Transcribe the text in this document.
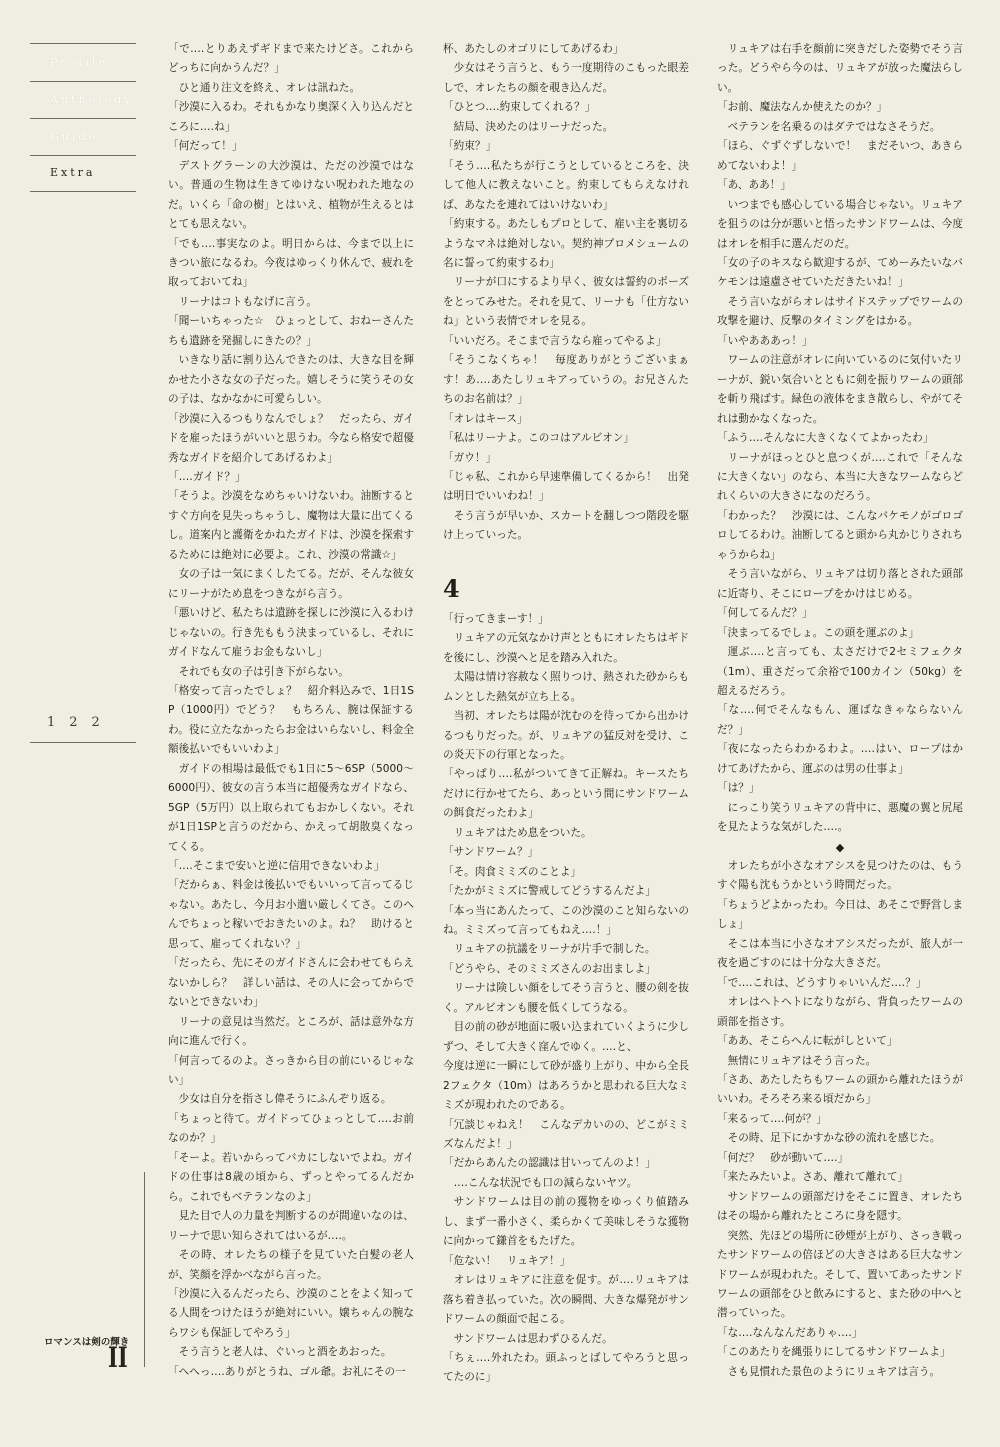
Profile
Anthology
Guide
Extra
122
ロマンスは剣の輝き
II

「で‥‥とりあえずギドまで来たけどさ。これからどっちに向かうんだ？」

ひと通り注文を終え、オレは訊ねた。

「沙漠に入るわ。それもかなり奥深く入り込んだところに‥‥ね」

「何だって！」

デストグラーンの大沙漠は、ただの沙漠ではない。普通の生物は生きてゆけない呪われた地なのだ。いくら「命の樹」とはいえ、植物が生えるとはとても思えない。

「でも‥‥事実なのよ。明日からは、今まで以上にきつい旅になるわ。今夜はゆっくり休んで、疲れを取っておいてね」

リーナはコトもなげに言う。

「聞ーいちゃった☆　ひょっとして、おねーさんたちも遺跡を発掘しにきたの？」

いきなり話に割り込んできたのは、大きな目を輝かせた小さな女の子だった。嬉しそうに笑うその女の子は、なかなかに可愛らしい。

「沙漠に入るつもりなんでしょ？　だったら、ガイドを雇ったほうがいいと思うわ。今なら格安で超優秀なガイドを紹介してあげるわよ」

「‥‥ガイド？」

「そうよ。沙漠をなめちゃいけないわ。油断するとすぐ方向を見失っちゃうし、魔物は大量に出てくるし。道案内と護衛をかねたガイドは、沙漠を探索するためには絶対に必要よ。これ、沙漠の常識☆」

女の子は一気にまくしたてる。だが、そんな彼女にリーナがため息をつきながら言う。

「悪いけど、私たちは遺跡を探しに沙漠に入るわけじゃないの。行き先ももう決まっているし、それにガイドなんて雇うお金もないし」

それでも女の子は引き下がらない。

「格安って言ったでしょ？　紹介料込みで、1日1SP（1000円）でどう？　もちろん、腕は保証するわ。役に立たなかったらお金はいらないし、料金全額後払いでもいいわよ」

ガイドの相場は最低でも1日に5〜6SP（5000〜6000円）、彼女の言う本当に超優秀なガイドなら、5GP（5万円）以上取られてもおかしくない。それが1日1SPと言うのだから、かえって胡散臭くなってくる。

「‥‥そこまで安いと逆に信用できないわよ」

「だからぁ、料金は後払いでもいいって言ってるじゃない。あたし、今月お小遣い厳しくてさ。このへんでちょっと稼いでおきたいのよ。ね？　助けると思って、雇ってくれない？」

「だったら、先にそのガイドさんに会わせてもらえないかしら？　詳しい話は、その人に会ってからでないとできないわ」

リーナの意見は当然だ。ところが、話は意外な方向に進んで行く。

「何言ってるのよ。さっきから目の前にいるじゃない」

少女は自分を指さし偉そうにふんぞり返る。

「ちょっと待て。ガイドってひょっとして‥‥お前なのか？」

「そーよ。若いからってバカにしないでよね。ガイドの仕事は8歳の頃から、ずっとやってるんだから。これでもベテランなのよ」

見た目で人の力量を判断するのが間違いなのは、リーナで思い知らされてはいるが‥‥。

その時、オレたちの様子を見ていた白髪の老人が、笑顔を浮かべながら言った。

「沙漠に入るんだったら、沙漠のことをよく知ってる人間をつけたほうが絶対にいい。嬢ちゃんの腕ならワシも保証してやろう」

そう言うと老人は、ぐいっと酒をあおった。

「へへっ‥‥ありがとうね、ゴル爺。お礼にその一

杯、あたしのオゴリにしてあげるわ」

少女はそう言うと、もう一度期待のこもった眼差しで、オレたちの顔を覗き込んだ。

「ひとつ‥‥約束してくれる？」

結局、決めたのはリーナだった。

「約束？」

「そう‥‥私たちが行こうとしているところを、決して他人に教えないこと。約束してもらえなければ、あなたを連れてはいけないわ」

「約束する。あたしもプロとして、雇い主を裏切るようなマネは絶対しない。契約神プロメシュームの名に誓って約束するわ」

リーナが口にするより早く、彼女は誓約のポーズをとってみせた。それを見て、リーナも「仕方ないね」という表情でオレを見る。

「いいだろ。そこまで言うなら雇ってやるよ」

「そうこなくちゃ！　毎度ありがとうございまぁす！あ‥‥あたしリュキアっていうの。お兄さんたちのお名前は？」

「オレはキース」

「私はリーナよ。このコはアルビオン」

「ガウ！」

「じゃ私、これから早速準備してくるから！　出発は明日でいいわね！」

そう言うが早いか、スカートを翻しつつ階段を駆け上っていった。

4

「行ってきまーす！」

リュキアの元気なかけ声とともにオレたちはギドを後にし、沙漠へと足を踏み入れた。

太陽は情け容赦なく照りつけ、熱された砂からもムンとした熱気が立ち上る。

当初、オレたちは陽が沈むのを待ってから出かけるつもりだった。が、リュキアの猛反対を受け、この炎天下の行軍となった。

「やっぱり‥‥私がついてきて正解ね。キースたちだけに行かせてたら、あっという間にサンドワームの餌食だったわよ」

リュキアはため息をついた。

「サンドワーム？」

「そ。肉食ミミズのことよ」

「たかがミミズに警戒してどうするんだよ」

「本っ当にあんたって、この沙漠のこと知らないのね。ミミズって言ってもねえ‥‥！」

リュキアの抗議をリーナが片手で制した。

「どうやら、そのミミズさんのお出ましよ」

リーナは険しい顔をしてそう言うと、腰の剣を抜く。アルビオンも腰を低くしてうなる。

目の前の砂が地面に吸い込まれていくように少しずつ、そして大きく窪んでゆく。‥‥と、

今度は逆に一瞬にして砂が盛り上がり、中から全長2フェクタ（10m）はあろうかと思われる巨大なミミズが現われたのである。

「冗談じゃねえ！　こんなデカいのの、どこがミミズなんだよ！」

「だからあんたの認識は甘いってんのよ！」

‥‥こんな状況でも口の減らないヤツ。

サンドワームは目の前の獲物をゆっくり値踏みし、まず一番小さく、柔らかくて美味しそうな獲物に向かって鎌首をもたげた。

「危ない！　リュキア！」

オレはリュキアに注意を促す。が‥‥リュキアは落ち着き払っていた。次の瞬間、大きな爆発がサンドワームの顔面で起こる。

サンドワームは思わずひるんだ。

「ちぇ‥‥外れたわ。頭ふっとばしてやろうと思ってたのに」

リュキアは右手を顔前に突きだした姿勢でそう言った。どうやら今のは、リュキアが放った魔法らしい。

「お前、魔法なんか使えたのか？」

ベテランを名乗るのはダテではなさそうだ。

「ほら、ぐずぐずしないで！　まだそいつ、あきらめてないわよ！」

「あ、ああ！」

いつまでも感心している場合じゃない。リュキアを狙うのは分が悪いと悟ったサンドワームは、今度はオレを相手に選んだのだ。

「女の子のキスなら歓迎するが、てめーみたいなバケモンは遠慮させていただきたいね！」

そう言いながらオレはサイドステップでワームの攻撃を避け、反撃のタイミングをはかる。

「いやあああっ！」

ワームの注意がオレに向いているのに気付いたリーナが、鋭い気合いとともに剣を振りワームの頭部を斬り飛ばす。緑色の液体をまき散らし、やがてそれは動かなくなった。

「ふう‥‥そんなに大きくなくてよかったわ」

リーナがほっとひと息つくが‥‥これで「そんなに大きくない」のなら、本当に大きなワームならどれくらいの大きさになのだろう。

「わかった？　沙漠には、こんなバケモノがゴロゴロしてるわけ。油断してると頭から丸かじりされちゃうからね」

そう言いながら、リュキアは切り落とされた頭部に近寄り、そこにロープをかけはじめる。

「何してるんだ？」

「決まってるでしょ。この頭を運ぶのよ」

運ぶ‥‥と言っても、太さだけで2セミフェクタ（1m）、重さだって余裕で100カイン（50kg）を超えるだろう。

「な‥‥何でそんなもん、運ばなきゃならないんだ？」

「夜になったらわかるわよ。‥‥はい、ロープはかけてあげたから、運ぶのは男の仕事よ」

「は？」

にっこり笑うリュキアの背中に、悪魔の翼と尻尾を見たような気がした‥‥。

◆

オレたちが小さなオアシスを見つけたのは、もうすぐ陽も沈もうかという時間だった。

「ちょうどよかったわ。今日は、あそこで野営しましょ」

そこは本当に小さなオアシスだったが、旅人が一夜を過ごすのには十分な大きさだ。

「で‥‥これは、どうすりゃいいんだ‥‥？」

オレはヘトヘトになりながら、背負ったワームの頭部を指さす。

「ああ、そこらへんに転がしといて」

無情にリュキアはそう言った。

「さあ、あたしたちもワームの頭から離れたほうがいいわ。そろそろ来る頃だから」

「来るって‥‥何が？」

その時、足下にかすかな砂の流れを感じた。

「何だ？　砂が動いて‥‥」

「来たみたいよ。さあ、離れて離れて」

サンドワームの頭部だけをそこに置き、オレたちはその場から離れたところに身を隠す。

突然、先ほどの場所に砂煙が上がり、さっき戦ったサンドワームの倍ほどの大きさはある巨大なサンドワームが現われた。そして、置いてあったサンドワームの頭部をひと飲みにすると、また砂の中へと潜っていった。

「な‥‥なんなんだありゃ‥‥」

「このあたりを縄張りにしてるサンドワームよ」

さも見慣れた景色のようにリュキアは言う。
